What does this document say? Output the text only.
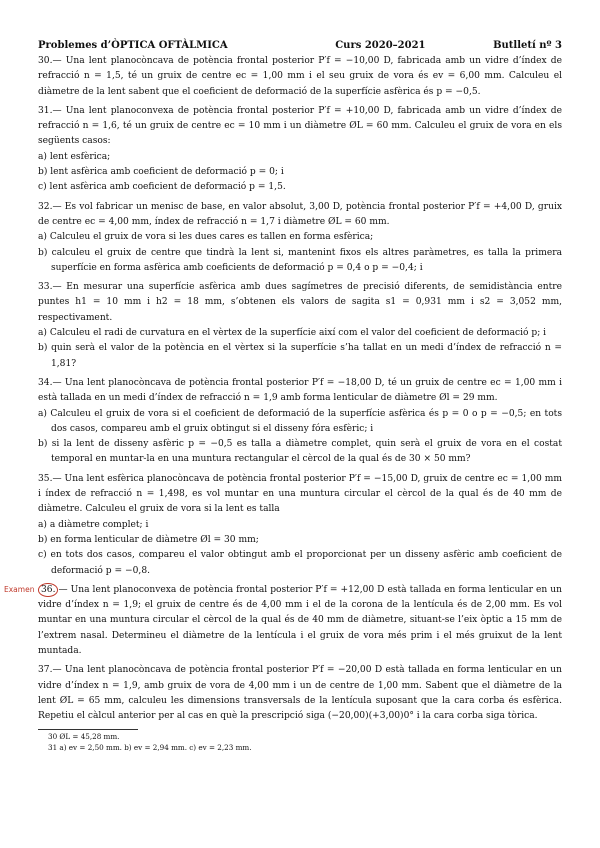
Problemes d’ÒPTICA OFTÀLMICA	Curs 2020–2021	Butlletí nº 3

30.— Una lent planocòncava de potència frontal posterior P′f = −10,00 D, fabricada amb un vidre d’índex de refracció n = 1,5, té un gruix de centre ec = 1,00 mm i el seu gruix de vora és ev = 6,00 mm. Calculeu el diàmetre de la lent sabent que el coeficient de deformació de la superfície asfèrica és p = −0,5.

31.— Una lent planoconvexa de potència frontal posterior P′f = +10,00 D, fabricada amb un vidre d’índex de refracció n = 1,6, té un gruix de centre ec = 10 mm i un diàmetre ØL = 60 mm. Calculeu el gruix de vora en els següents casos:

a) lent esfèrica;
b) lent asfèrica amb coeficient de deformació p = 0; i
c) lent asfèrica amb coeficient de deformació p = 1,5.

32.— Es vol fabricar un menisc de base, en valor absolut, 3,00 D, potència frontal posterior P′f = +4,00 D, gruix de centre ec = 4,00 mm, índex de refracció n = 1,7 i diàmetre ØL = 60 mm.

a) Calculeu el gruix de vora si les dues cares es tallen en forma esfèrica;
b) calculeu el gruix de centre que tindrà la lent si, mantenint fixos els altres paràmetres, es talla la primera superfície en forma asfèrica amb coeficients de deformació p = 0,4 o p = −0,4; i

33.— En mesurar una superfície asfèrica amb dues sagímetres de precisió diferents, de semidistància entre puntes h1 = 10 mm i h2 = 18 mm, s’obtenen els valors de sagita s1 = 0,931 mm i s2 = 3,052 mm, respectivament.

a) Calculeu el radi de curvatura en el vèrtex de la superfície així com el valor del coeficient de deformació p; i
b) quin serà el valor de la potència en el vèrtex si la superfície s’ha tallat en un medi d’índex de refracció n = 1,81?

34.— Una lent planocòncava de potència frontal posterior P′f = −18,00 D, té un gruix de centre ec = 1,00 mm i està tallada en un medi d’índex de refracció n = 1,9 amb forma lenticular de diàmetre Øl = 29 mm.

a) Calculeu el gruix de vora si el coeficient de deformació de la superfície asfèrica és p = 0 o p = −0,5; en tots dos casos, compareu amb el gruix obtingut si el disseny fóra esfèric; i
b) si la lent de disseny asfèric p = −0,5 es talla a diàmetre complet, quin serà el gruix de vora en el costat temporal en muntar-la en una muntura rectangular el cèrcol de la qual és de 30 × 50 mm?

35.— Una lent esfèrica planocòncava de potència frontal posterior P′f = −15,00 D, gruix de centre ec = 1,00 mm i índex de refracció n = 1,498, es vol muntar en una muntura circular el cèrcol de la qual és de 40 mm de diàmetre. Calculeu el gruix de vora si la lent es talla

a) a diàmetre complet; i
b) en forma lenticular de diàmetre Øl = 30 mm;
c) en tots dos casos, compareu el valor obtingut amb el proporcionat per un disseny asfèric amb coeficient de deformació p = −0,8.
Examen 36. — Una lent planoconvexa de potència frontal posterior P′f = +12,00 D està tallada en forma lenticular en un vidre d’índex n = 1,9; el gruix de centre és de 4,00 mm i el de la corona de la lentícula és de 2,00 mm. Es vol muntar en una muntura circular el cèrcol de la qual és de 40 mm de diàmetre, situant-se l’eix òptic a 15 mm de l’extrem nasal. Determineu el diàmetre de la lentícula i el gruix de vora més prim i el més gruixut de la lent muntada.

37.— Una lent planocòncava de potència frontal posterior P′f = −20,00 D està tallada en forma lenticular en un vidre d’índex n = 1,9, amb gruix de vora de 4,00 mm i un de centre de 1,00 mm. Sabent que el diàmetre de la lent ØL = 65 mm, calculeu les dimensions transversals de la lentícula suposant que la cara corba és esfèrica. Repetiu el càlcul anterior per al cas en què la prescripció siga (−20,00)(+3,00)0° i la cara corba siga tòrica.

30 ØL = 45,28 mm.
31 a) ev = 2,50 mm. b) ev = 2,94 mm. c) ev = 2,23 mm.
